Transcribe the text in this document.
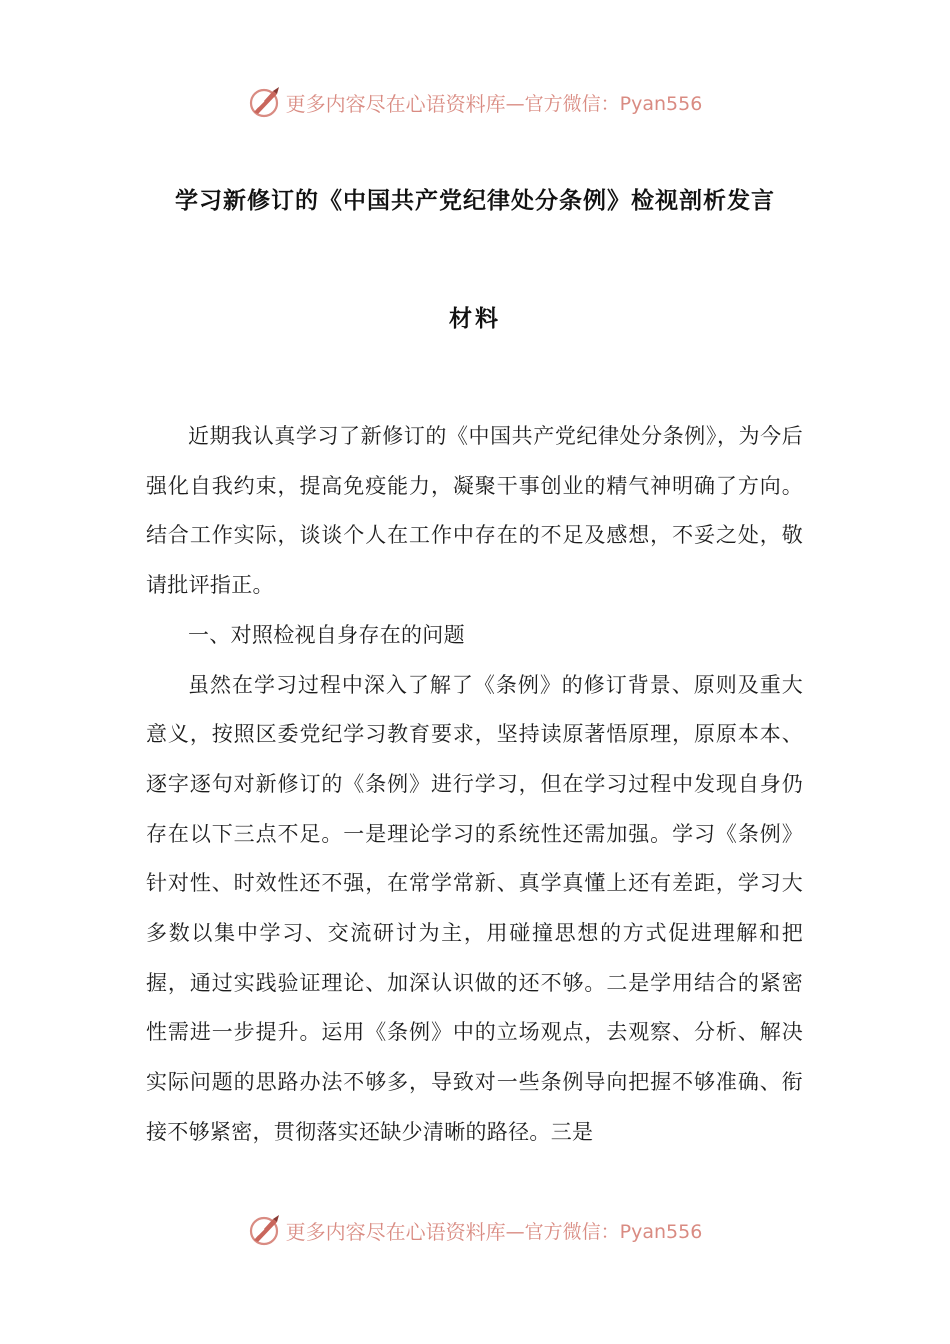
更多内容尽在心语资料库 —官方微信：Pyan556
学习新修订的《中国共产党纪律处分条例》检视剖析发言
材料

近期我认真学习了新修订的《中国共产党纪律处分条例》，为今后强化自我约束，提高免疫能力，凝聚干事创业的精气神明确了方向。结合工作实际，谈谈个人在工作中存在的不足及感想，不妥之处，敬请批评指正。

一、对照检视自身存在的问题

虽然在学习过程中深入了解了《条例》的修订背景、原则及重大意义，按照区委党纪学习教育要求，坚持读原著悟原理，原原本本、逐字逐句对新修订的《条例》进行学习，但在学习过程中发现自身仍存在以下三点不足。一是理论学习的系统性还需加强。学习《条例》针对性、时效性还不强，在常学常新、真学真懂上还有差距，学习大多数以集中学习、交流研讨为主，用碰撞思想的方式促进理解和把握，通过实践验证理论、加深认识做的还不够。二是学用结合的紧密性需进一步提升。运用《条例》中的立场观点，去观察、分析、解决实际问题的思路办法不够多，导致对一些条例导向把握不够准确、衔接不够紧密，贯彻落实还缺少清晰的路径。三是

更多内容尽在心语资料库 —官方微信：Pyan556
